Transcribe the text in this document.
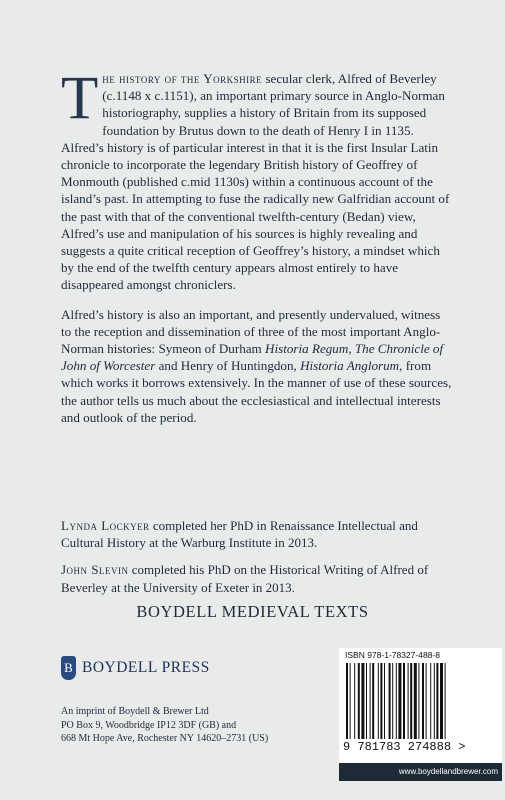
The history of the Yorkshire secular clerk, Alfred of Beverley (c.1148 x c.1151), an important primary source in Anglo-Norman historiography, supplies a history of Britain from its supposed foundation by Brutus down to the death of Henry I in 1135. Alfred’s history is of particular interest in that it is the first Insular Latin chronicle to incorporate the legendary British history of Geoffrey of Monmouth (published c.mid 1130s) within a continuous account of the island’s past. In attempting to fuse the radically new Galfridian account of the past with that of the conventional twelfth-century (Bedan) view, Alfred’s use and manipulation of his sources is highly revealing and suggests a quite critical reception of Geoffrey’s history, a mindset which by the end of the twelfth century appears almost entirely to have disappeared amongst chroniclers.

Alfred’s history is also an important, and presently undervalued, witness to the reception and dissemination of three of the most important Anglo-Norman histories: Symeon of Durham Historia Regum, The Chronicle of John of Worcester and Henry of Huntingdon, Historia Anglorum, from which works it borrows extensively. In the manner of use of these sources, the author tells us much about the ecclesiastical and intellectual interests and outlook of the period.

Lynda Lockyer completed her PhD in Renaissance Intellectual and Cultural History at the Warburg Institute in 2013.

John Slevin completed his PhD on the Historical Writing of Alfred of Beverley at the University of Exeter in 2013.

BOYDELL MEDIEVAL TEXTS
B BOYDELL PRESS
An imprint of Boydell & Brewer Ltd
PO Box 9, Woodbridge IP12 3DF (GB) and
668 Mt Hope Ave, Rochester NY 14620–2731 (US)
ISBN 978-1-78327-488-8
9 781783 274888 >
www.boydellandbrewer.com
